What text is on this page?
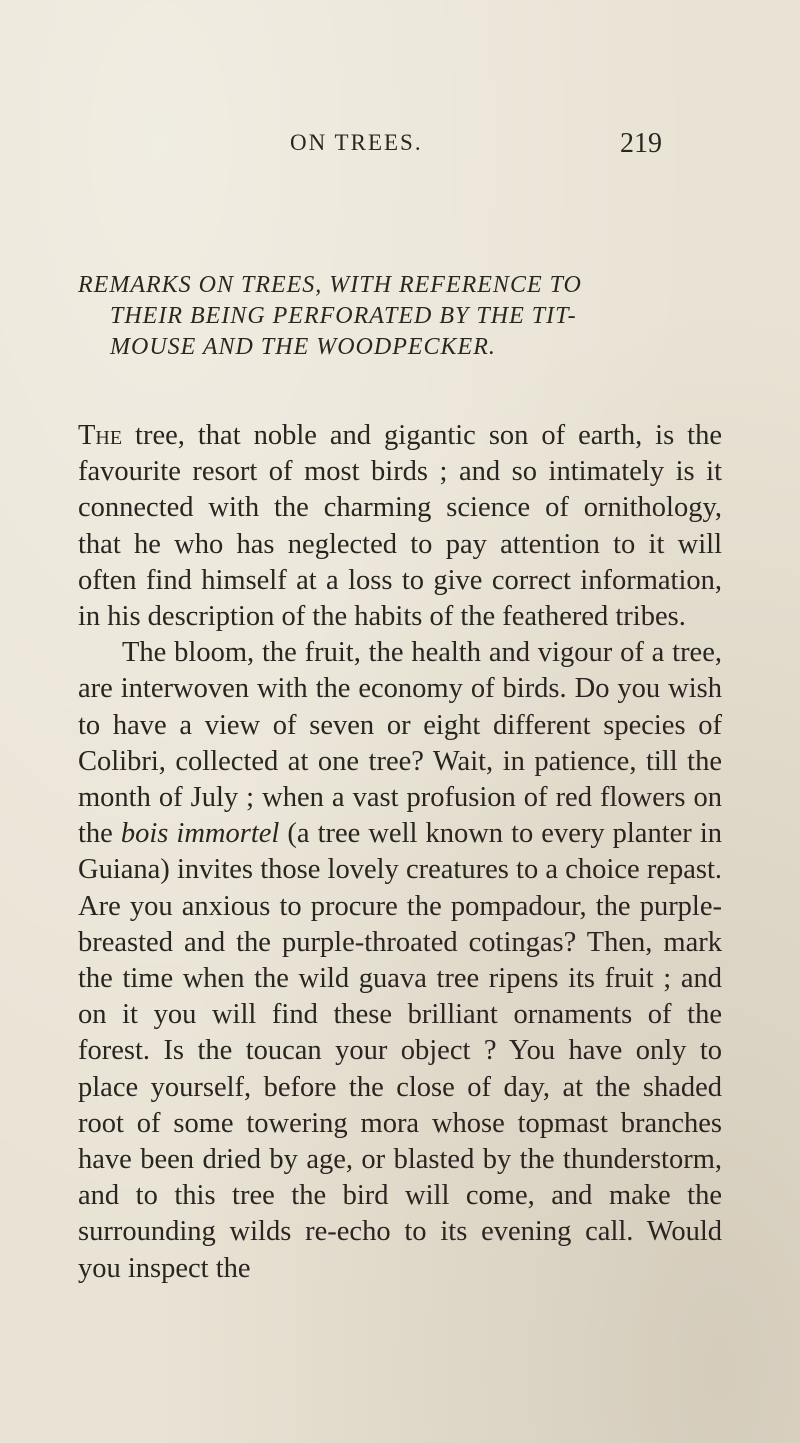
ON TREES.	219
REMARKS ON TREES, WITH REFERENCE TO
THEIR BEING PERFORATED BY THE TIT-
MOUSE AND THE WOODPECKER.

The tree, that noble and gigantic son of earth, is the favourite resort of most birds ; and so intimately is it connected with the charming science of ornithology, that he who has neglected to pay attention to it will often find himself at a loss to give correct information, in his description of the habits of the feathered tribes.

The bloom, the fruit, the health and vigour of a tree, are interwoven with the economy of birds. Do you wish to have a view of seven or eight different species of Colibri, collected at one tree? Wait, in patience, till the month of July ; when a vast profusion of red flowers on the bois immortel (a tree well known to every planter in Guiana) invites those lovely creatures to a choice repast. Are you anxious to procure the pompadour, the purple-breasted and the purple-throated cotingas? Then, mark the time when the wild guava tree ripens its fruit ; and on it you will find these brilliant ornaments of the forest. Is the toucan your object ? You have only to place yourself, before the close of day, at the shaded root of some towering mora whose topmast branches have been dried by age, or blasted by the thunderstorm, and to this tree the bird will come, and make the surrounding wilds re-echo to its evening call. Would you inspect the
